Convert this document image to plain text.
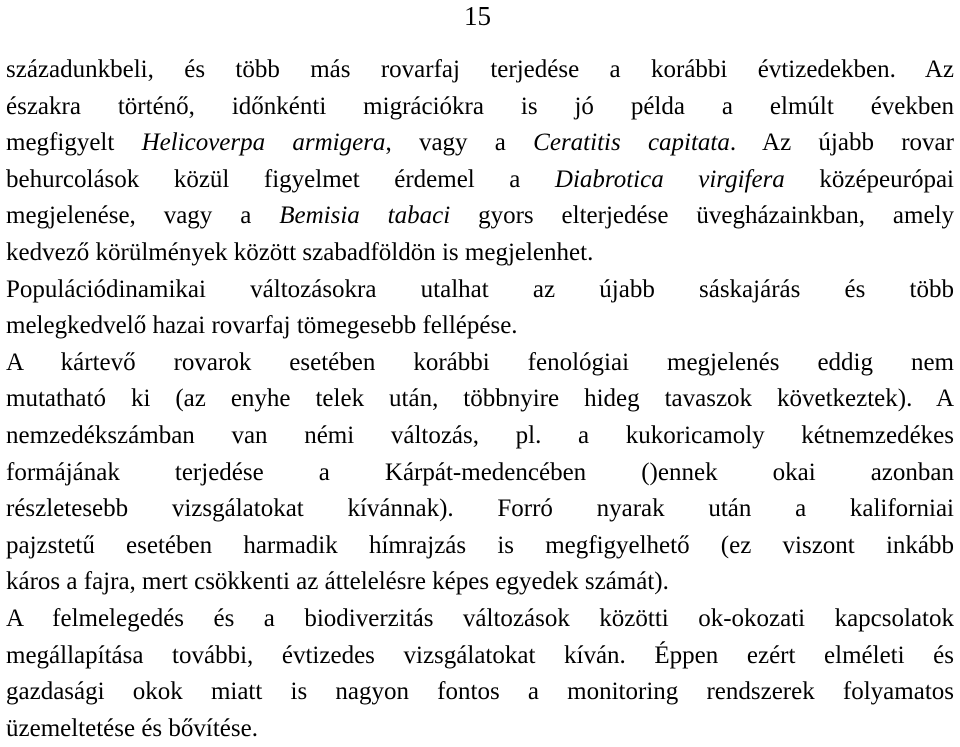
15
századunkbeli, és több más rovarfaj terjedése a korábbi évtizedekben. Az
északra történő, időnkénti migrációkra is jó példa a elmúlt években
megfigyelt Helicoverpa armigera, vagy a Ceratitis capitata. Az újabb rovar
behurcolások közül figyelmet érdemel a Diabrotica virgifera középeurópai
megjelenése, vagy a Bemisia tabaci gyors elterjedése üvegházainkban, amely
kedvező körülmények között szabadföldön is megjelenhet.
Populációdinamikai változásokra utalhat az újabb sáskajárás és több
melegkedvelő hazai rovarfaj tömegesebb fellépése.
A kártevő rovarok esetében korábbi fenológiai megjelenés eddig nem
mutatható ki (az enyhe telek után, többnyire hideg tavaszok következtek). A
nemzedékszámban van némi változás, pl. a kukoricamoly kétnemzedékes
formájának terjedése a Kárpát-medencében ()ennek okai azonban
részletesebb vizsgálatokat kívánnak). Forró nyarak után a kaliforniai
pajzstetű esetében harmadik hímrajzás is megfigyelhető (ez viszont inkább
káros a fajra, mert csökkenti az áttelelésre képes egyedek számát).
A felmelegedés és a biodiverzitás változások közötti ok-okozati kapcsolatok
megállapítása további, évtizedes vizsgálatokat kíván. Éppen ezért elméleti és
gazdasági okok miatt is nagyon fontos a monitoring rendszerek folyamatos
üzemeltetése és bővítése.
